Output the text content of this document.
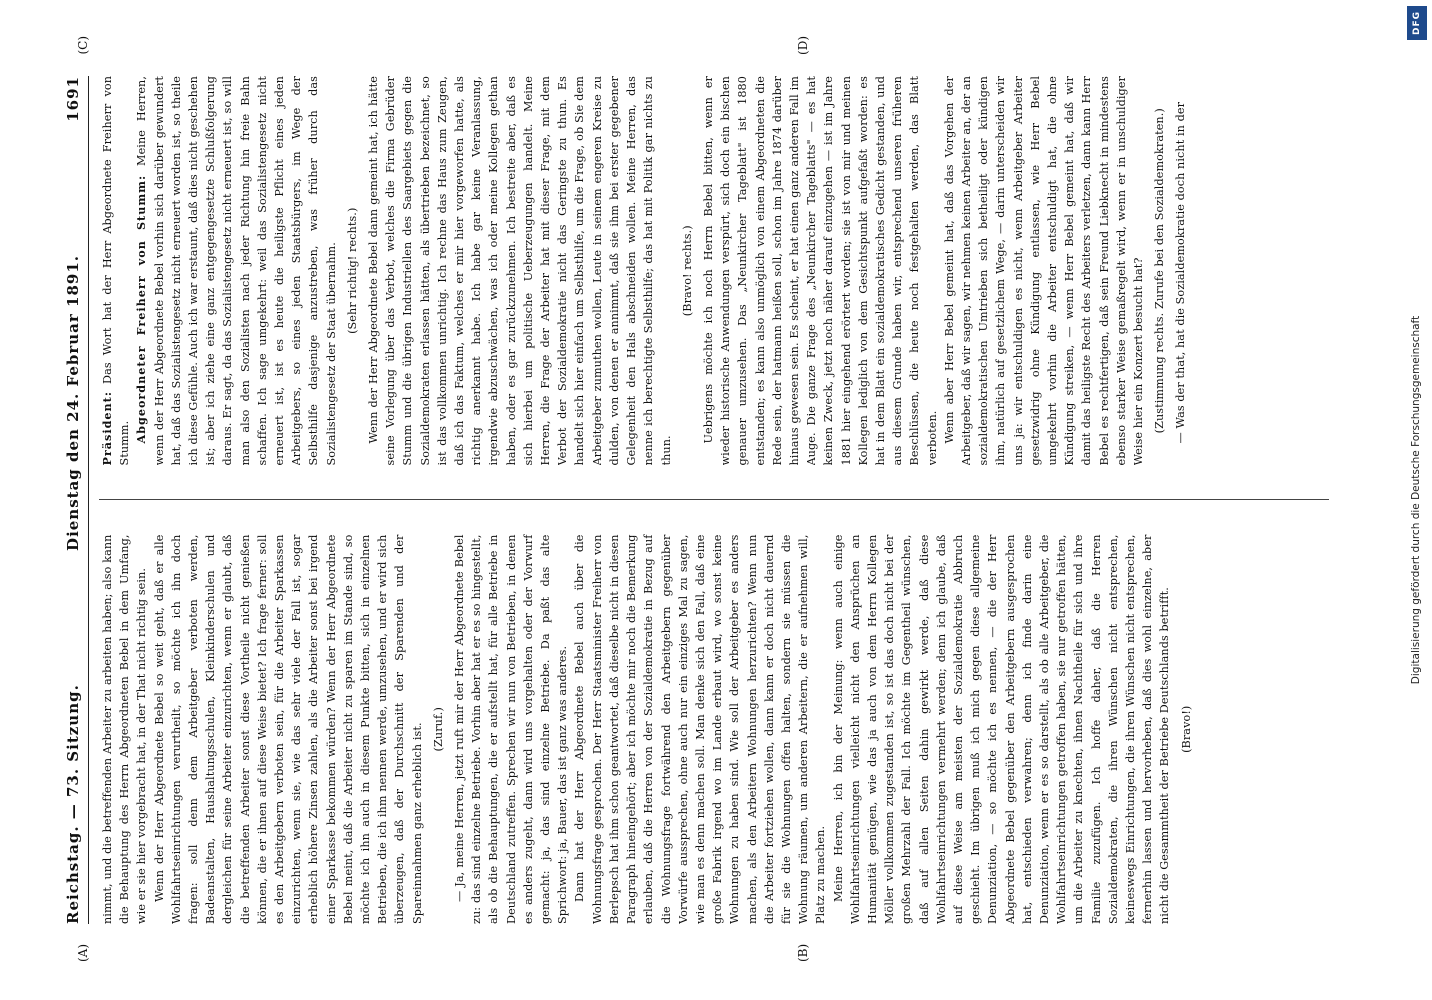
Reichstag. — 73. Sitzung.
Dienstag den 24. Februar 1891.
1691

nimmt, und die betreffenden Arbeiter zu arbeiten haben; also kann die Behauptung des Herrn Abgeordneten Bebel in dem Umfang, wie er sie hier vorgebracht hat, in der That nicht richtig sein. Wenn der Herr Abgeordnete Bebel so weit geht, daß er alle Wohlfahrtseinrichtungen verurtheilt, so möchte ich ihn doch fragen: soll denn dem Arbeitgeber verboten werden, Badeanstalten, Haushaltungsschulen, Kleinkinderschulen und dergleichen für seine Arbeiter einzurichten, wenn er glaubt, daß die betreffenden Arbeiter sonst diese Vortheile nicht genießen können, die er ihnen auf diese Weise bietet? Ich frage ferner: soll es den Arbeitgebern verboten sein, für die Arbeiter Sparkassen einzurichten, wenn sie, wie das sehr viele der Fall ist, sogar erheblich höhere Zinsen zahlen, als die Arbeiter sonst bei irgend einer Sparkasse bekommen würden? Wenn der Herr Abgeordnete Bebel meint, daß die Arbeiter nicht zu sparen im Stande sind, so möchte ich ihn auch in diesem Punkte bitten, sich in einzelnen Betrieben, die ich ihm nennen werde, umzusehen, und er wird sich überzeugen, daß der Durchschnitt der Sparenden und der Spareinnahmen ganz erheblich ist. (Zuruf.) — Ja, meine Herren, jetzt ruft mir der Herr Abgeordnete Bebel zu: das sind einzelne Betriebe. Vorhin aber hat er es so hingestellt, als ob die Behauptungen, die er aufstellt hat, für alle Betriebe in Deutschland zutreffen. Sprechen wir nun von Betrieben, in denen es anders zugeht, dann wird uns vorgehalten oder der Vorwurf gemacht: ja, das sind einzelne Betriebe. Da paßt das alte Sprichwort: ja, Bauer, das ist ganz was anderes. Dann hat der Herr Abgeordnete Bebel auch über die Wohnungsfrage gesprochen. Der Herr Staatsminister Freiherr von Berlepsch hat ihm schon geantwortet, daß dieselbe nicht in diesen Paragraph hineingehört; aber ich möchte mir noch die Bemerkung erlauben, daß die Herren von der Sozialdemokratie in Bezug auf die Wohnungsfrage fortwährend den Arbeitgebern gegenüber Vorwürfe aussprechen, ohne auch nur ein einziges Mal zu sagen, wie man es denn machen soll. Man denke sich den Fall, daß eine große Fabrik irgend wo im Lande erbaut wird, wo sonst keine Wohnungen zu haben sind. Wie soll der Arbeitgeber es anders machen, als den Arbeitern Wohnungen herzurichten? Wenn nun die Arbeiter fortziehen wollen, dann kann er doch nicht dauernd für sie die Wohnungen offen halten, sondern sie müssen die Wohnung räumen, um anderen Arbeitern, die er aufnehmen will, Platz zu machen. Meine Herren, ich bin der Meinung: wenn auch einige Wohlfahrtseinrichtungen vielleicht nicht den Ansprüchen an Humanität genügen, wie das ja auch von dem Herrn Kollegen Möller vollkommen zugestanden ist, so ist das doch nicht bei der großen Mehrzahl der Fall. Ich möchte im Gegentheil wünschen, daß auf allen Seiten dahin gewirkt werde, daß diese Wohlfahrtseinrichtungen vermehrt werden; denn ich glaube, daß auf diese Weise am meisten der Sozialdemokratie Abbruch geschieht. Im übrigen muß ich mich gegen diese allgemeine Denunziation, — so möchte ich es nennen, — die der Herr Abgeordnete Bebel gegenüber den Arbeitgebern ausgesprochen hat, entschieden verwahren; denn ich finde darin eine Denunziation, wenn er es so darstellt, als ob alle Arbeitgeber, die Wohlfahrtseinrichtungen getroffen haben, sie nur getroffen hätten, um die Arbeiter zu knechten, ihnen Nachtheile für sich und ihre Familie zuzufügen. Ich hoffe daher, daß die Herren Sozialdemokraten, die ihren Wünschen nicht entsprechen, keineswegs Einrichtungen, die ihren Wünschen nicht entsprechen, fernerhin lassen und hervorheben, daß dies wohl einzelne, aber nicht die Gesammtheit der Betriebe Deutschlands betrifft. (Bravo!)

Präsident: Das Wort hat der Herr Abgeordnete Freiherr von Stumm. Abgeordneter Freiherr von Stumm: Meine Herren, wenn der Herr Abgeordnete Bebel vorhin sich darüber gewundert hat, daß das Sozialistengesetz nicht erneuert worden ist, so theile ich diese Gefühle. Auch ich war erstaunt, daß dies nicht geschehen ist; aber ich ziehe eine ganz entgegengesetzte Schlußfolgerung daraus. Er sagt, da das Sozialistengesetz nicht erneuert ist, so will man also den Sozialisten nach jeder Richtung hin freie Bahn schaffen. Ich sage umgekehrt: weil das Sozialistengesetz nicht erneuert ist, ist es heute die heiligste Pflicht eines jeden Arbeitgebers, so eines jeden Staatsbürgers, im Wege der Selbsthilfe dasjenige anzustreben, was früher durch das Sozialistengesetz der Staat übernahm. (Sehr richtig! rechts.) Wenn der Herr Abgeordnete Bebel dann gemeint hat, ich hätte seine Vorlegung über das Verbot, welches die Firma Gebrüder Stumm und die übrigen Industriellen des Saargebiets gegen die Sozialdemokraten erlassen hätten, als übertrieben bezeichnet, so ist das vollkommen unrichtig. Ich rechne das Haus zum Zeugen, daß ich das Faktum, welches er mir hier vorgeworfen hatte, als richtig anerkannt habe. Ich habe gar keine Veranlassung, irgendwie abzuschwächen, was ich oder meine Kollegen gethan haben, oder es gar zurückzunehmen. Ich bestreite aber, daß es sich hierbei um politische Ueberzeugungen handelt. Meine Herren, die Frage der Arbeiter hat mit dieser Frage, mit dem Verbot der Sozialdemokratie nicht das Geringste zu thun. Es handelt sich hier einfach um Selbsthilfe, um die Frage, ob Sie dem Arbeitgeber zumuthen wollen, Leute in seinem engeren Kreise zu dulden, von denen er annimmt, daß sie ihm bei erster gegebener Gelegenheit den Hals abschneiden wollen. Meine Herren, das nenne ich berechtigte Selbsthilfe; das hat mit Politik gar nichts zu thun.

(Bravo! rechts.) Uebrigens möchte ich noch Herrn Bebel bitten, wenn er wieder historische Anwendungen verspürt, sich doch ein bischen genauer umzusehen. Das „Neunkircher Tageblatt" ist 1880 entstanden; es kann also unmöglich von einem Abgeordneten die Rede sein, der hatmann heißen soll, schon im Jahre 1874 darüber hinaus gewesen sein. Es scheint, er hat einen ganz anderen Fall im Auge. Die ganze Frage des „Neunkircher Tageblatts" — es hat keinen Zweck, jetzt noch näher darauf einzugehen — ist im Jahre 1881 hier eingehend erörtert worden; sie ist von mir und meinen Kollegen lediglich von dem Gesichtspunkt aufgefaßt worden: es hat in dem Blatt ein sozialdemokratisches Gedicht gestanden, und aus diesem Grunde haben wir, entsprechend unseren früheren Beschlüssen, die heute noch festgehalten werden, das Blatt verboten. Wenn aber Herr Bebel gemeint hat, daß das Vorgehen der Arbeitgeber, daß wir sagen, wir nehmen keinen Arbeiter an, der an sozialdemokratischen Umtrieben sich betheiligt oder kündigen ihm, natürlich auf gesetzlichem Wege, — darin unterscheiden wir uns ja: wir entschuldigen es nicht, wenn Arbeitgeber Arbeiter gesetzwidrig ohne Kündigung entlassen, wie Herr Bebel umgekehrt vorhin die Arbeiter entschuldigt hat, die ohne Kündigung streiken, — wenn Herr Bebel gemeint hat, daß wir damit das heiligste Recht des Arbeiters verletzen, dann kann Herr Bebel es rechtfertigen, daß sein Freund Liebknecht in mindestens ebenso starker Weise gemaßregelt wird, wenn er in unschuldiger Weise hier ein Konzert besucht hat? (Zustimmung rechts. Zurufe bei den Sozialdemokraten.) — Was der that, hat die Sozialdemokratie doch nicht in der

(A)	(B)
(C)	(D)
Digitalisierung gefördert durch die Deutsche Forschungsgemeinschaft
DFG
